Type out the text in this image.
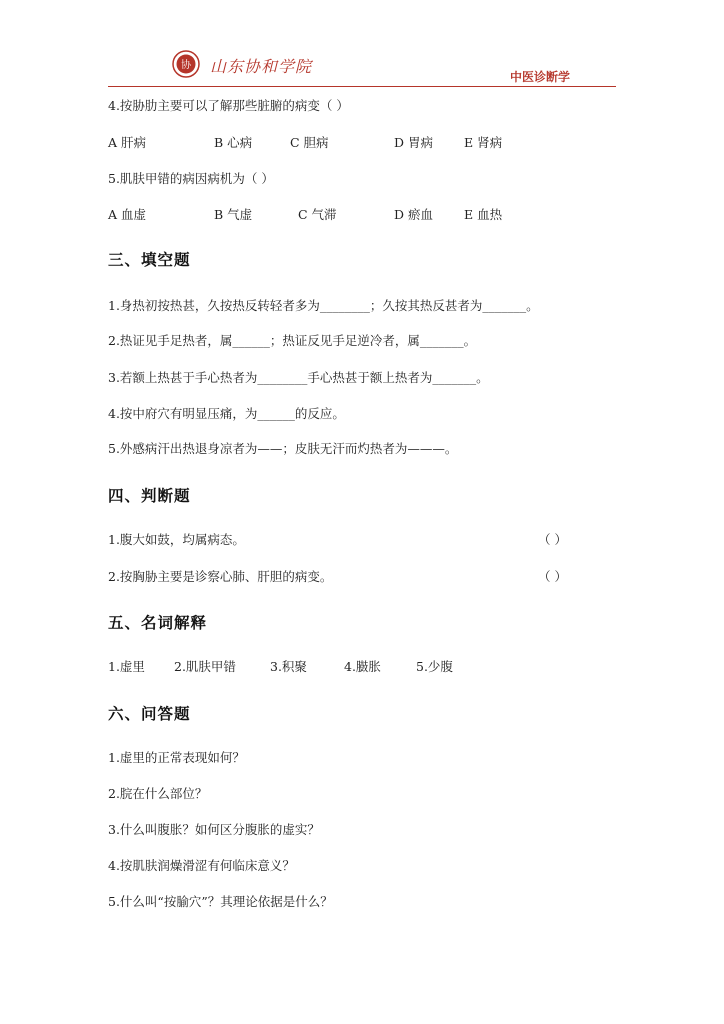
协 山东协和学院
中医诊断学
4.按胁肋主要可以了解那些脏腑的病变（ ）
A 肝病	B 心病	C 胆病	D 胃病 E 肾病
5.肌肤甲错的病因病机为（ ）
A 血虚	B 气虚	C 气滞	D 瘀血 E 血热
三、填空题
1.身热初按热甚，久按热反转轻者多为________；久按其热反甚者为_______。
2.热证见手足热者，属______；热证反见手足逆冷者，属_______。
3.若额上热甚于手心热者为________手心热甚于额上热者为_______。
4.按中府穴有明显压痛，为______的反应。
5.外感病汗出热退身凉者为——；皮肤无汗而灼热者为———。
四、判断题
1.腹大如鼓，均属病态。	（ ）
2.按胸胁主要是诊察心肺、肝胆的病变。	（ ）
五、名词解释
1.虚里 2.肌肤甲错	3.积聚	4.臌胀	5.少腹
六、问答题
1.虚里的正常表现如何？
2.脘在什么部位？
3.什么叫腹胀？如何区分腹胀的虚实？
4.按肌肤润燥滑涩有何临床意义？
5.什么叫“按腧穴”？其理论依据是什么？
